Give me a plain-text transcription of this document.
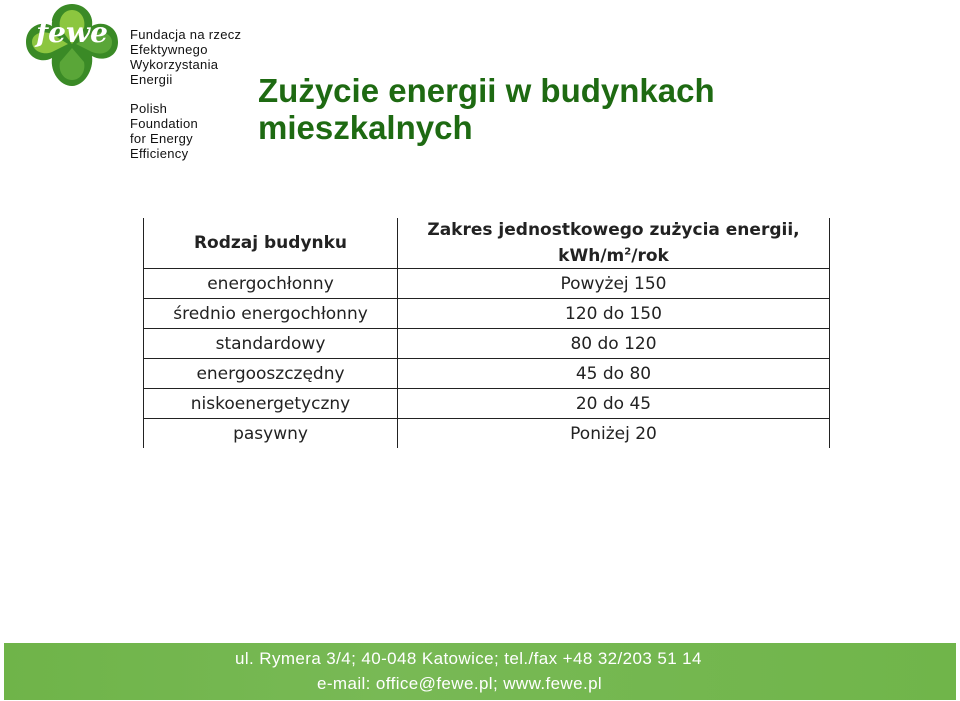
fewe Fundacja na rzecz
Efektywnego
Wykorzystania
Energii
Polish
Foundation
for Energy
Efficiency
Zużycie energii w budynkach
mieszkalnych
Rodzaj budynku	Zakres jednostkowego zużycia energii,
kWh/$m^2$/rok
energochłonny	Powyżej 150
średnio energochłonny	120 do 150
standardowy	80 do 120
energooszczędny	45 do 80
niskoenergetyczny	20 do 45
pasywny	Poniżej 20
ul. Rymera 3/4; 40-048 Katowice; tel./fax +48 32/203 51 14
e-mail: office@fewe.pl; www.fewe.pl
